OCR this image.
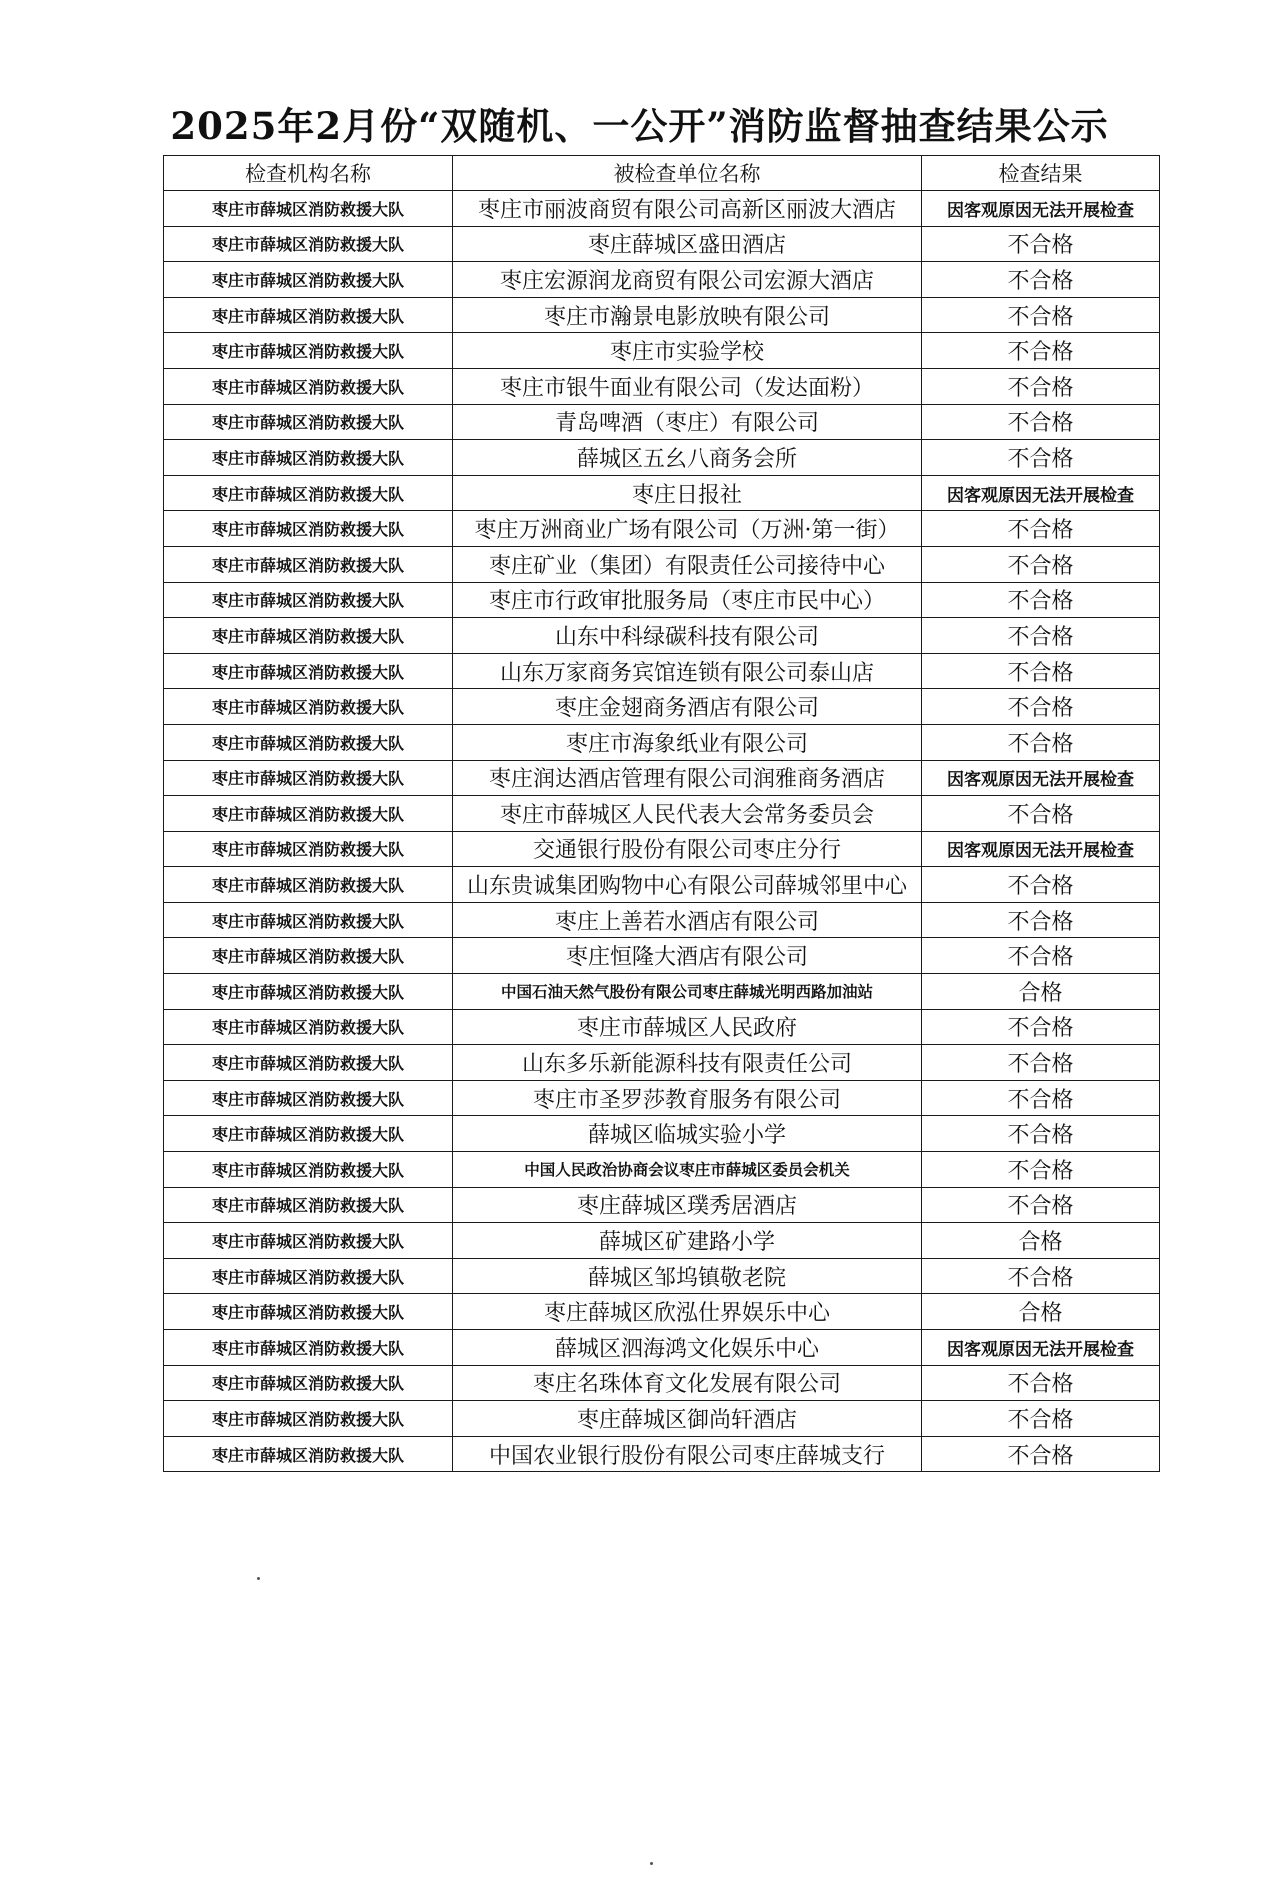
2025年2月份“双随机、一公开”消防监督抽查结果公示
检查机构名称	被检查单位名称	检查结果
枣庄市薛城区消防救援大队	枣庄市丽波商贸有限公司高新区丽波大酒店	因客观原因无法开展检查
枣庄市薛城区消防救援大队	枣庄薛城区盛田酒店	不合格
枣庄市薛城区消防救援大队	枣庄宏源润龙商贸有限公司宏源大酒店	不合格
枣庄市薛城区消防救援大队	枣庄市瀚景电影放映有限公司	不合格
枣庄市薛城区消防救援大队	枣庄市实验学校	不合格
枣庄市薛城区消防救援大队	枣庄市银牛面业有限公司（发达面粉）	不合格
枣庄市薛城区消防救援大队	青岛啤酒（枣庄）有限公司	不合格
枣庄市薛城区消防救援大队	薛城区五幺八商务会所	不合格
枣庄市薛城区消防救援大队	枣庄日报社	因客观原因无法开展检查
枣庄市薛城区消防救援大队	枣庄万洲商业广场有限公司（万洲·第一街）	不合格
枣庄市薛城区消防救援大队	枣庄矿业（集团）有限责任公司接待中心	不合格
枣庄市薛城区消防救援大队	枣庄市行政审批服务局（枣庄市民中心）	不合格
枣庄市薛城区消防救援大队	山东中科绿碳科技有限公司	不合格
枣庄市薛城区消防救援大队	山东万家商务宾馆连锁有限公司泰山店	不合格
枣庄市薛城区消防救援大队	枣庄金翅商务酒店有限公司	不合格
枣庄市薛城区消防救援大队	枣庄市海象纸业有限公司	不合格
枣庄市薛城区消防救援大队	枣庄润达酒店管理有限公司润雅商务酒店	因客观原因无法开展检查
枣庄市薛城区消防救援大队	枣庄市薛城区人民代表大会常务委员会	不合格
枣庄市薛城区消防救援大队	交通银行股份有限公司枣庄分行	因客观原因无法开展检查
枣庄市薛城区消防救援大队	山东贵诚集团购物中心有限公司薛城邻里中心	不合格
枣庄市薛城区消防救援大队	枣庄上善若水酒店有限公司	不合格
枣庄市薛城区消防救援大队	枣庄恒隆大酒店有限公司	不合格
枣庄市薛城区消防救援大队	中国石油天然气股份有限公司枣庄薛城光明西路加油站	合格
枣庄市薛城区消防救援大队	枣庄市薛城区人民政府	不合格
枣庄市薛城区消防救援大队	山东多乐新能源科技有限责任公司	不合格
枣庄市薛城区消防救援大队	枣庄市圣罗莎教育服务有限公司	不合格
枣庄市薛城区消防救援大队	薛城区临城实验小学	不合格
枣庄市薛城区消防救援大队	中国人民政治协商会议枣庄市薛城区委员会机关	不合格
枣庄市薛城区消防救援大队	枣庄薛城区璞秀居酒店	不合格
枣庄市薛城区消防救援大队	薛城区矿建路小学	合格
枣庄市薛城区消防救援大队	薛城区邹坞镇敬老院	不合格
枣庄市薛城区消防救援大队	枣庄薛城区欣泓仕界娱乐中心	合格
枣庄市薛城区消防救援大队	薛城区泗海鸿文化娱乐中心	因客观原因无法开展检查
枣庄市薛城区消防救援大队	枣庄名珠体育文化发展有限公司	不合格
枣庄市薛城区消防救援大队	枣庄薛城区御尚轩酒店	不合格
枣庄市薛城区消防救援大队	中国农业银行股份有限公司枣庄薛城支行	不合格
